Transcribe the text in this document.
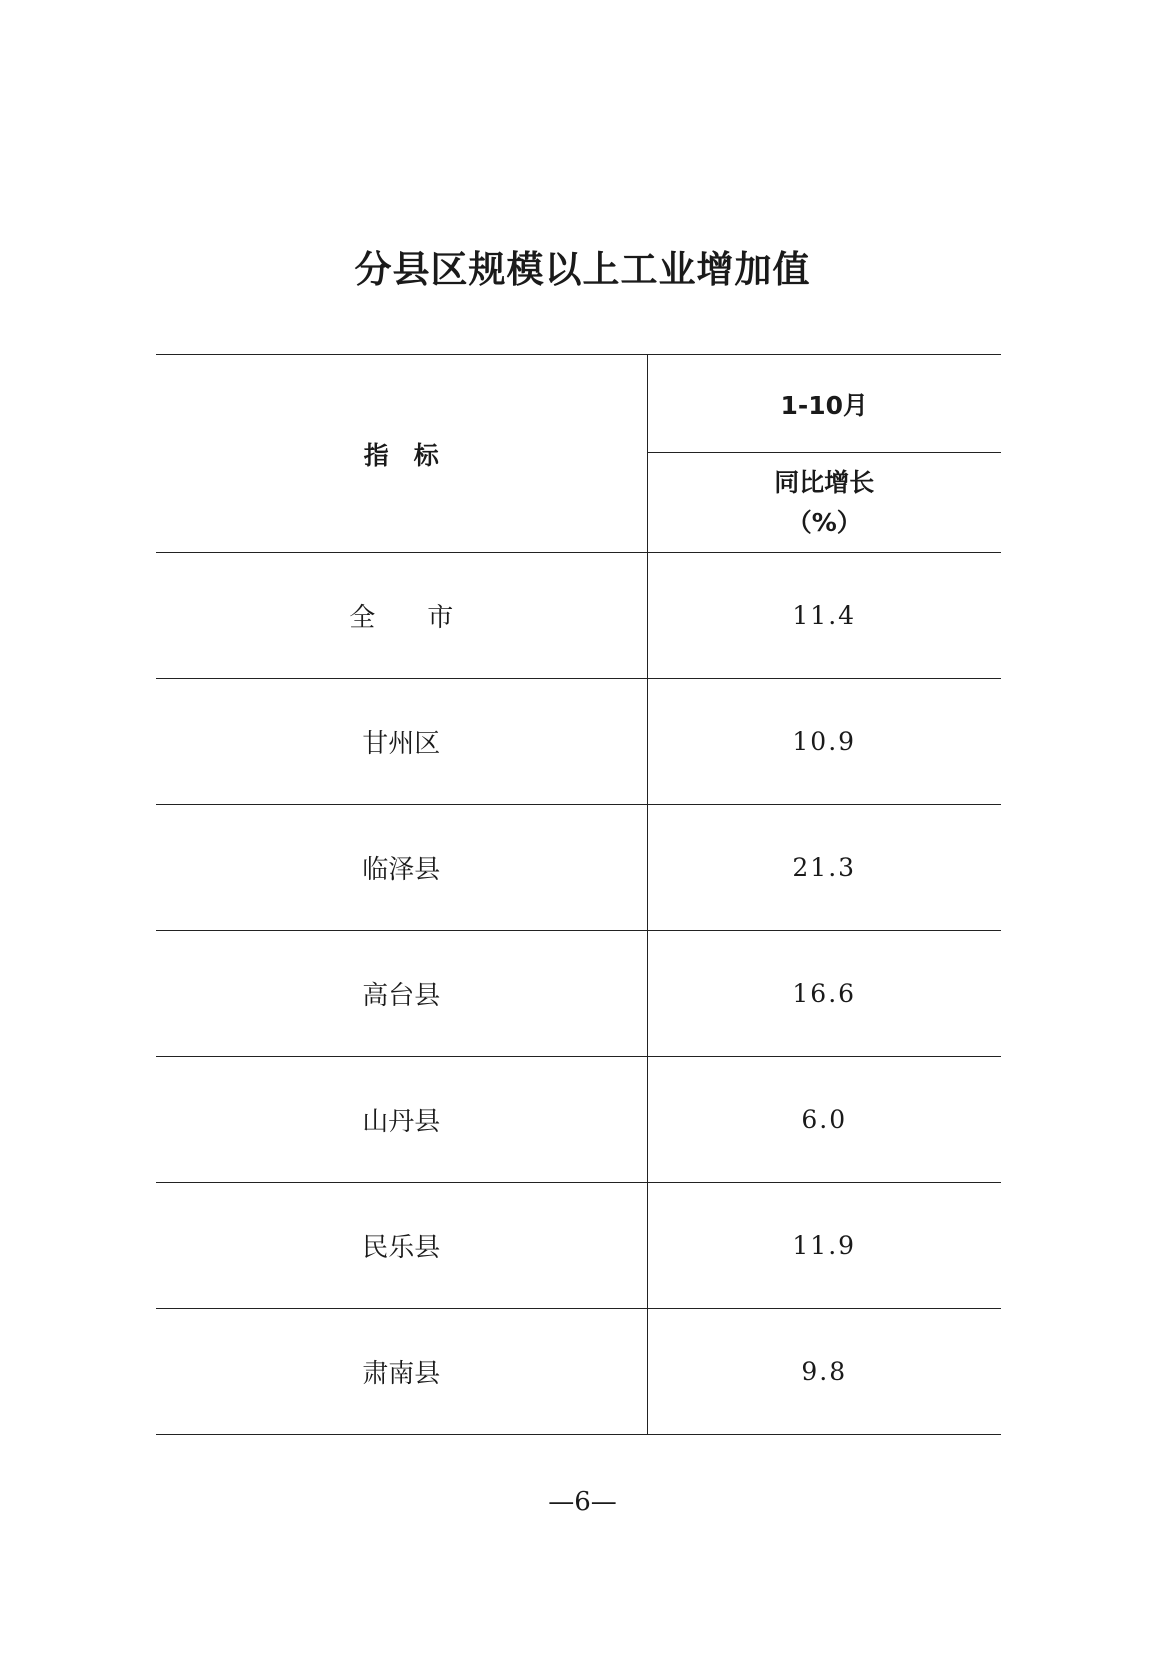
分县区规模以上工业增加值
指　标	1-10月

	同比增长
（%）

全　　市	11.4
甘州区	10.9
临泽县	21.3
高台县	16.6
山丹县	6.0
民乐县	11.9
肃南县	9.8
—6—
